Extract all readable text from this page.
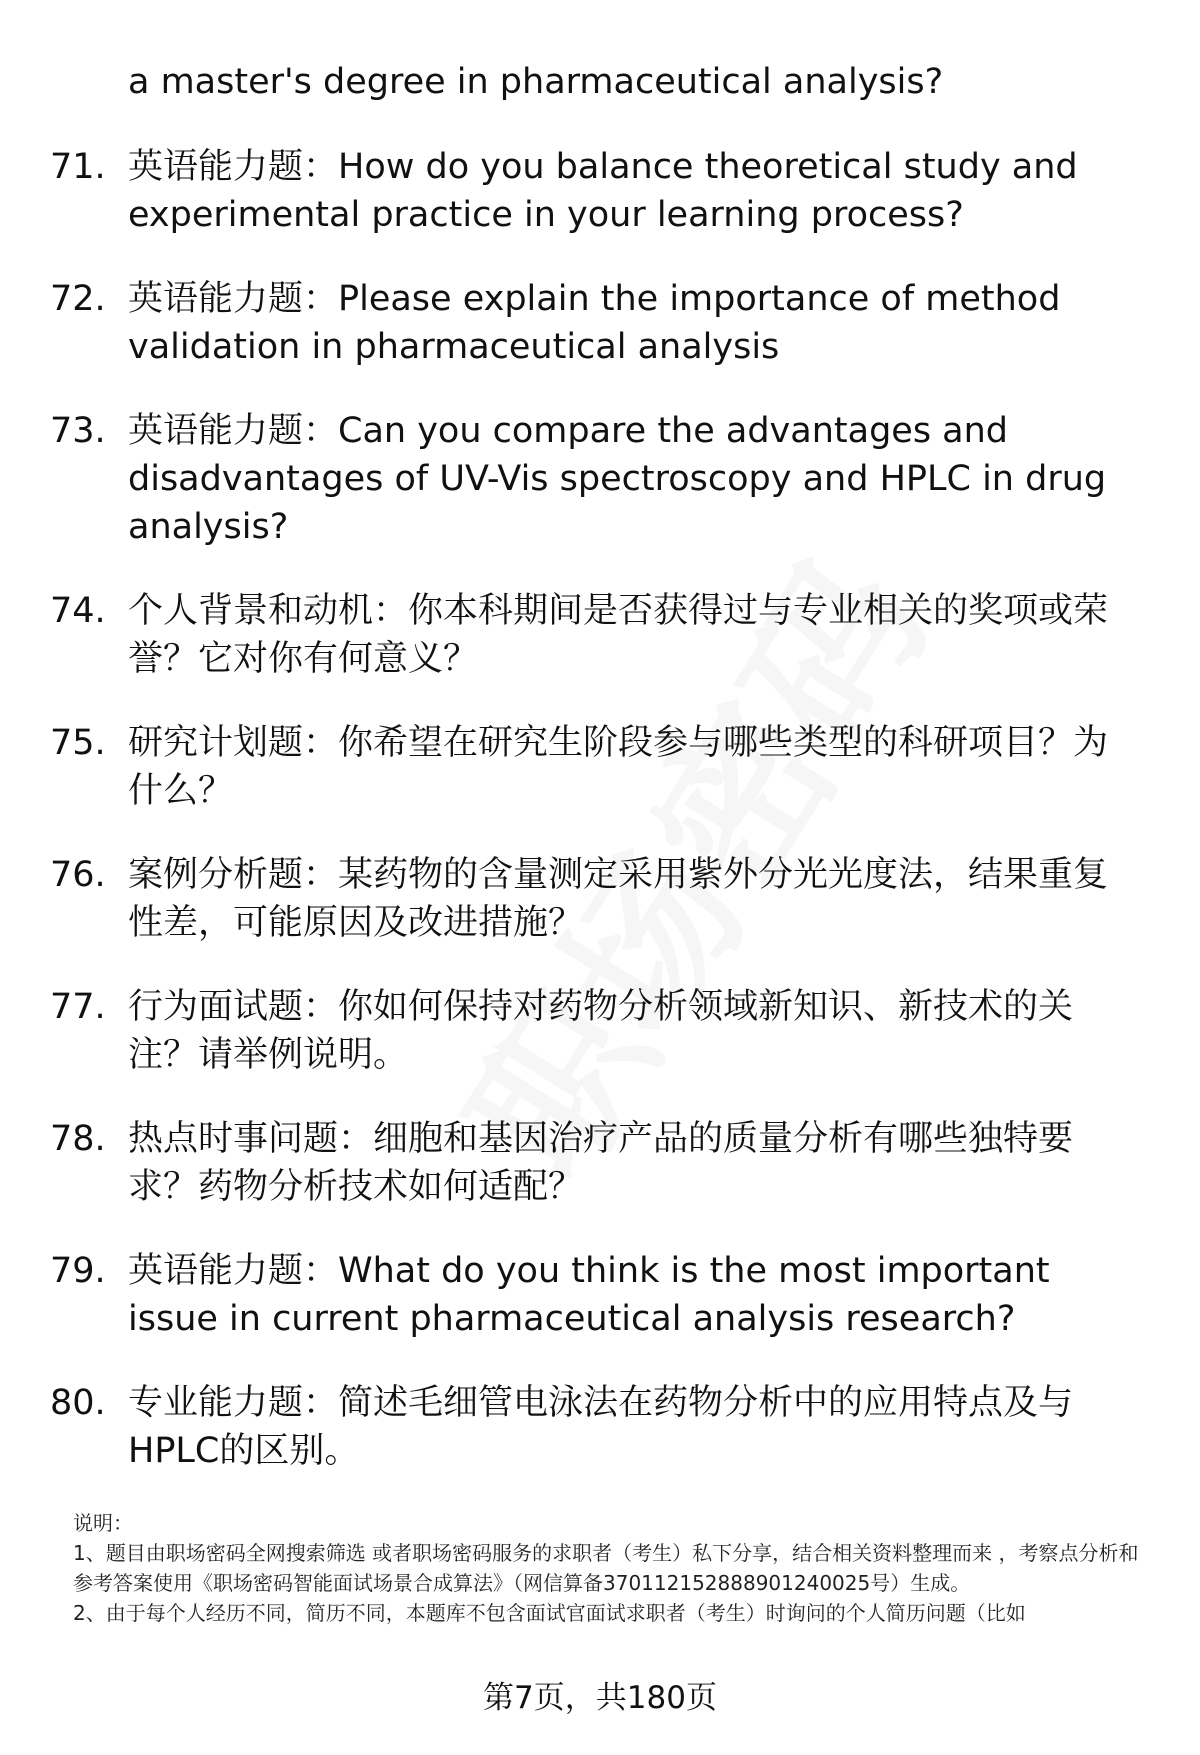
a master's degree in pharmaceutical analysis?
71. 英语能力题：How do you balance theoretical study and experimental practice in your learning process?
72. 英语能力题：Please explain the importance of method validation in pharmaceutical analysis
73. 英语能力题：Can you compare the advantages and disadvantages of UV-Vis spectroscopy and HPLC in drug analysis?
74. 个人背景和动机：你本科期间是否获得过与专业相关的奖项或荣誉？它对你有何意义？
75. 研究计划题：你希望在研究生阶段参与哪些类型的科研项目？为什么？
76. 案例分析题：某药物的含量测定采用紫外分光光度法，结果重复性差，可能原因及改进措施？
77. 行为面试题：你如何保持对药物分析领域新知识、新技术的关注？请举例说明。
78. 热点时事问题：细胞和基因治疗产品的质量分析有哪些独特要求？药物分析技术如何适配？
79. 英语能力题：What do you think is the most important issue in current pharmaceutical analysis research?
80. 专业能力题：简述毛细管电泳法在药物分析中的应用特点及与HPLC的区别。

说明：

1、题目由职场密码全网搜索筛选 或者职场密码服务的求职者（考生）私下分享，结合相关资料整理而来 ，考察点分析和参考答案使用《职场密码智能面试场景合成算法》（网信算备370112152888901240025号）生成。

2、由于每个人经历不同，简历不同，本题库不包含面试官面试求职者（考生）时询问的个人简历问题（比如

第7页，共180页
